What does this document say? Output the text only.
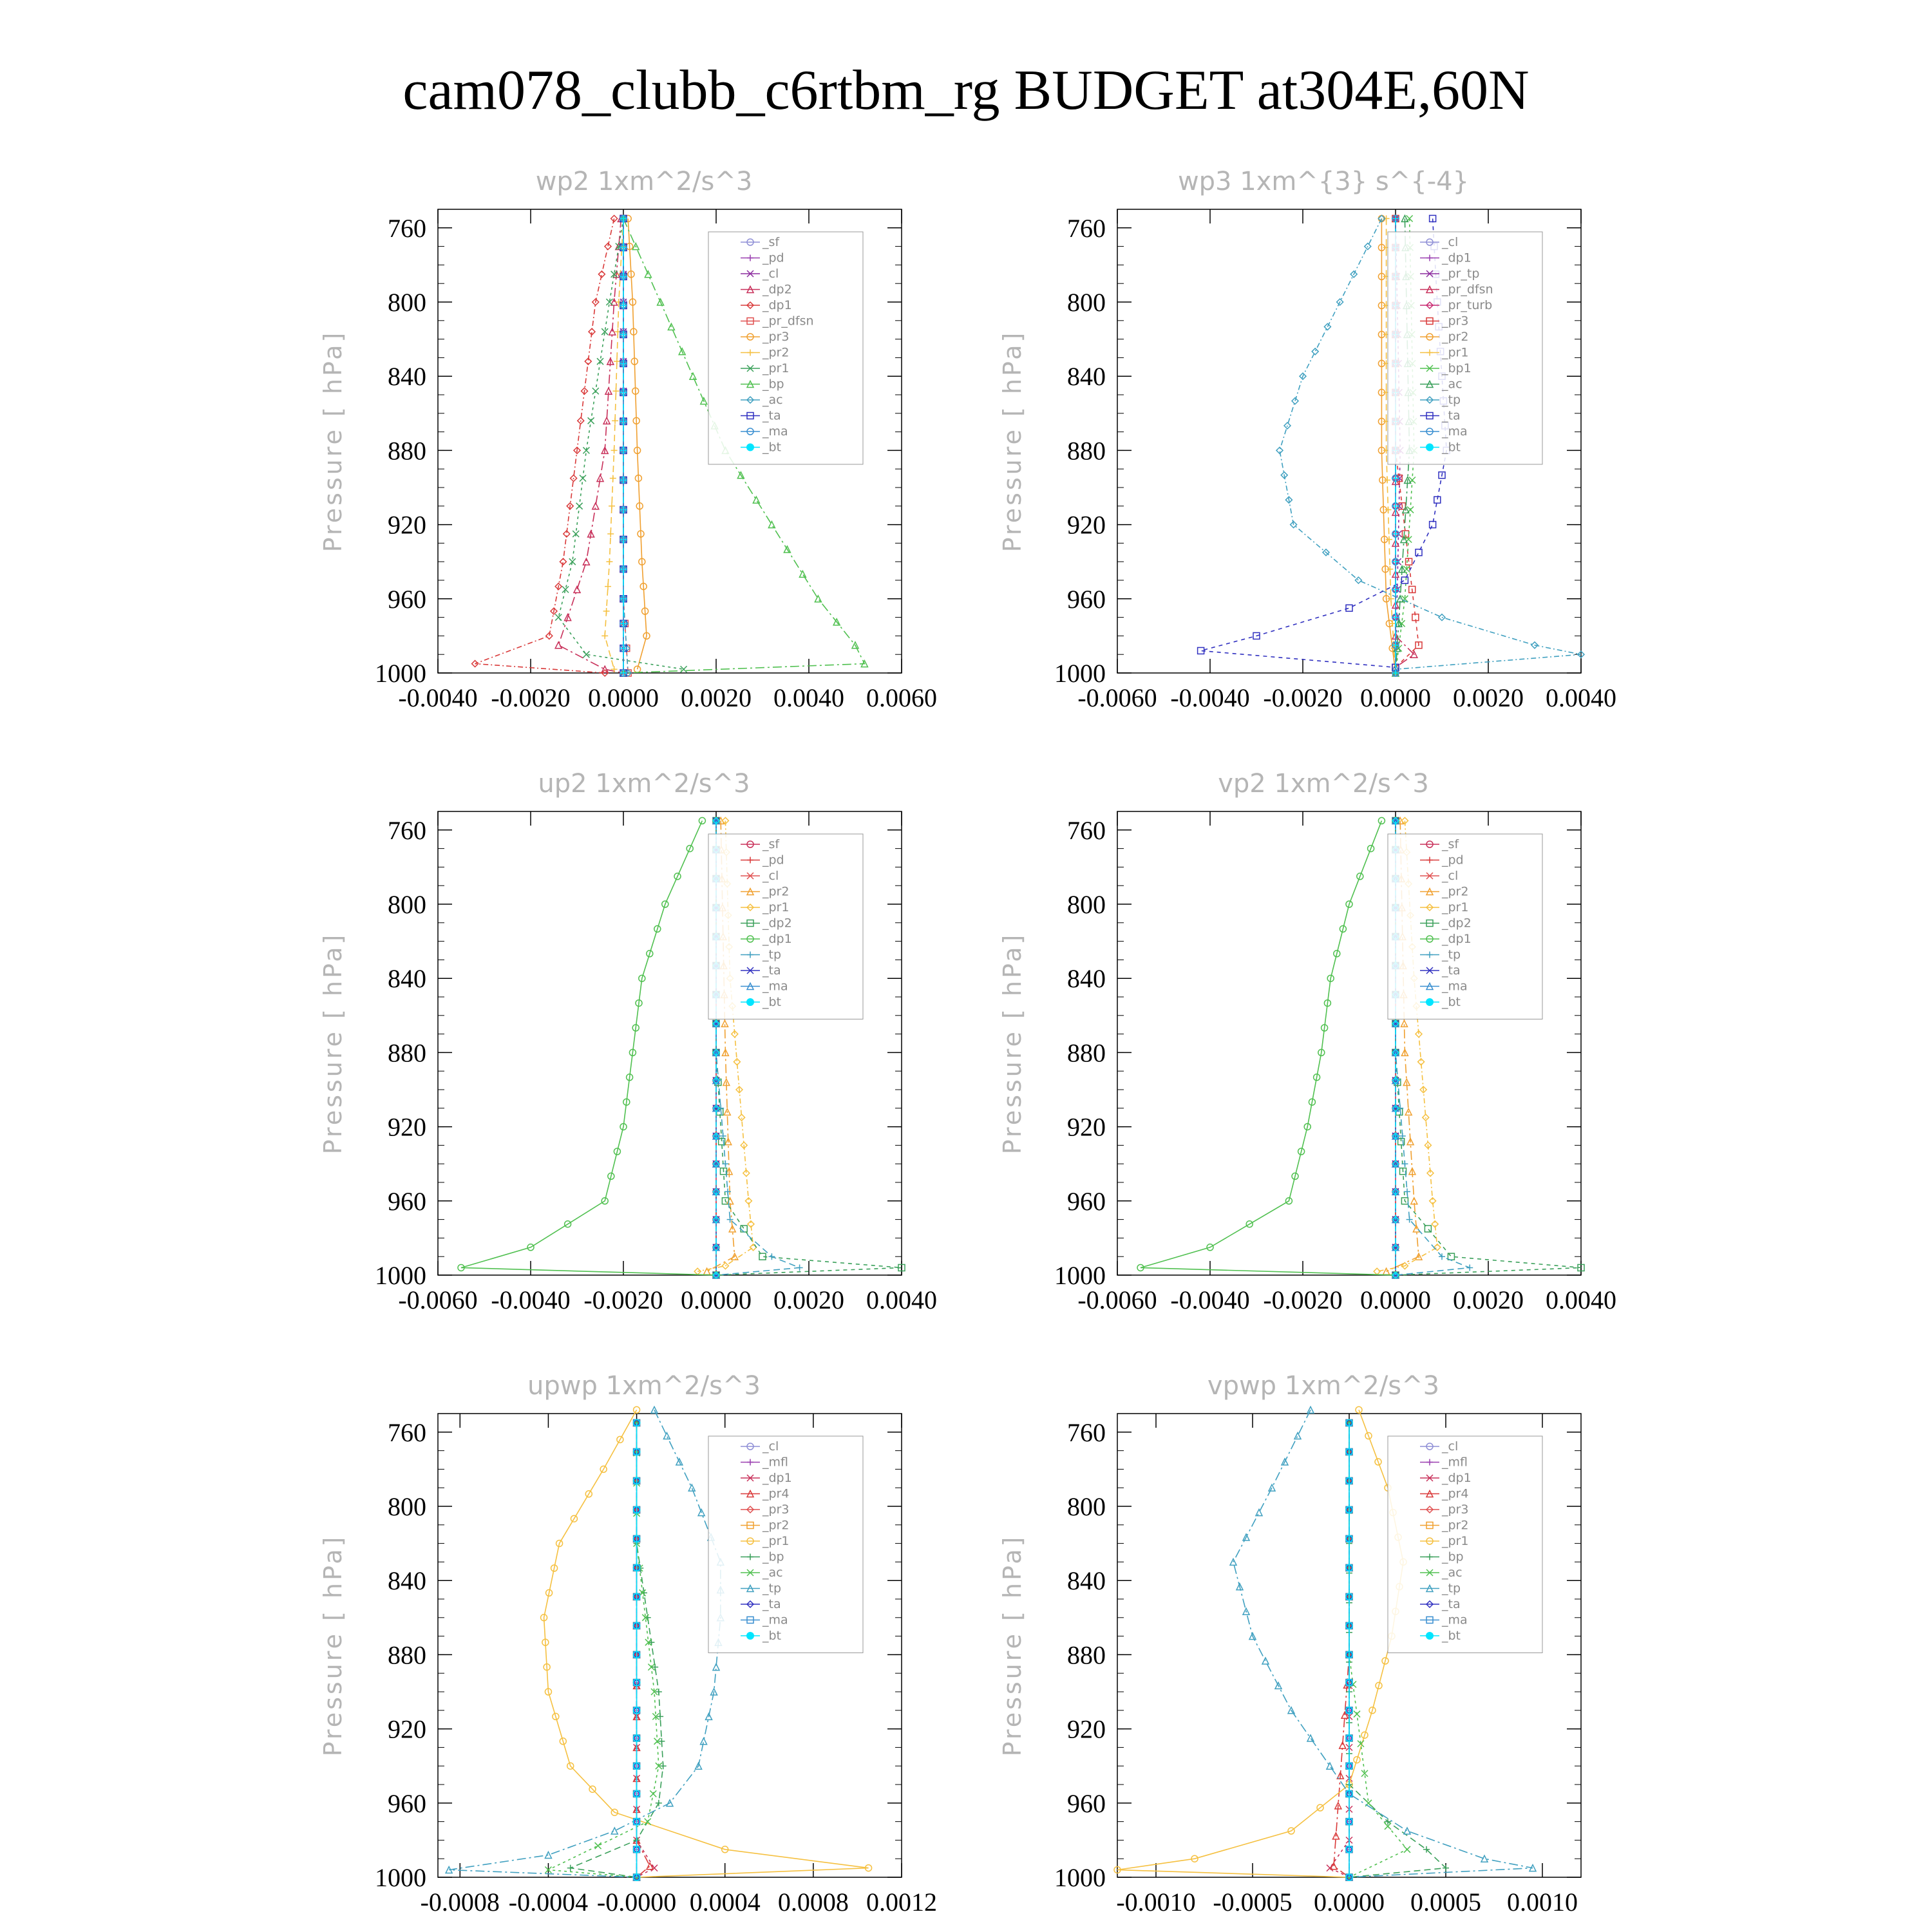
cam078_clubb_c6rtbm_rg BUDGET at304E,60N
wp2 1xm^2/s^3
Pressure [ hPa]
760
800
840
880
920
960
1000
-0.0040 -0.0020 0.0000 0.0020 0.0040 0.0060
_sf
_pd
_cl
_dp2
_dp1
_pr_dfsn
_pr3
_pr2
_pr1
_bp
_ac
_ta
_ma
_bt
wp3 1xm^{3} s^{-4}
Pressure [ hPa]
760
800
840
880
920
960
1000
-0.0060 -0.0040 -0.0020 0.0000 0.0020 0.0040
_cl
_dp1
_pr_tp
_pr_dfsn
_pr_turb
_pr3
_pr2
_pr1
_bp1
_ac
_tp
_ta
_ma
_bt
up2 1xm^2/s^3
Pressure [ hPa]
760
800
840
880
920
960
1000
-0.0060 -0.0040 -0.0020 0.0000 0.0020 0.0040
_sf
_pd
_cl
_pr2
_pr1
_dp2
_dp1
_tp
_ta
_ma
_bt
vp2 1xm^2/s^3
Pressure [ hPa]
760
800
840
880
920
960
1000
-0.0060 -0.0040 -0.0020 0.0000 0.0020 0.0040
_sf
_pd
_cl
_pr2
_pr1
_dp2
_dp1
_tp
_ta
_ma
_bt
upwp 1xm^2/s^3
Pressure [ hPa]
760
800
840
880
920
960
1000
-0.0008 -0.0004 -0.0000 0.0004 0.0008 0.0012
_cl
_mfl
_dp1
_pr4
_pr3
_pr2
_pr1
_bp
_ac
_tp
_ta
_ma
_bt
vpwp 1xm^2/s^3
Pressure [ hPa]
760
800
840
880
920
960
1000
-0.0010 -0.0005 0.0000 0.0005 0.0010
_cl
_mfl
_dp1
_pr4
_pr3
_pr2
_pr1
_bp
_ac
_tp
_ta
_ma
_bt
